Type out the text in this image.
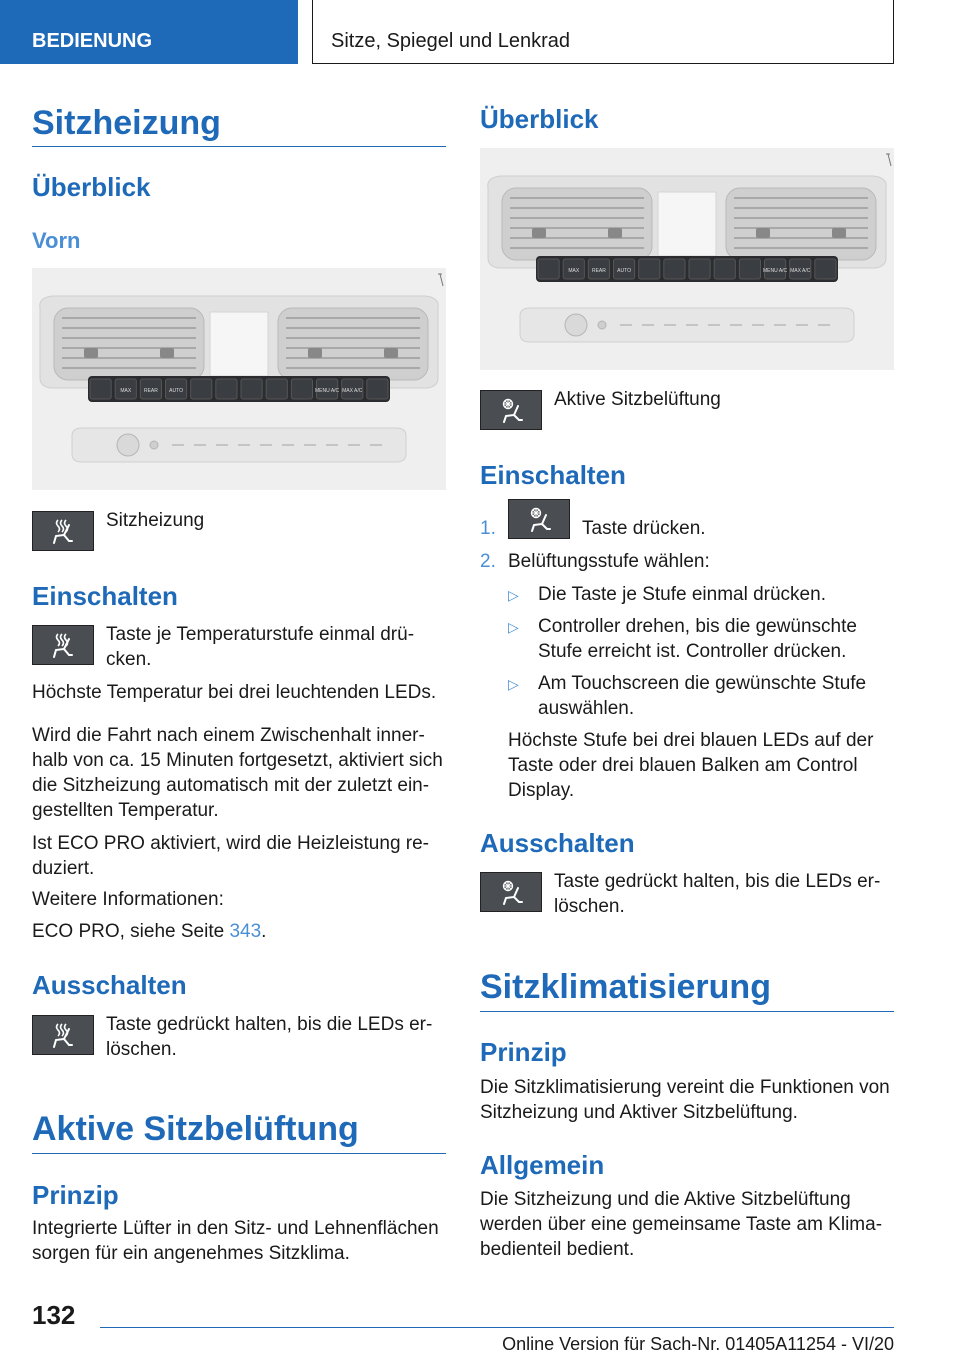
BEDIENUNG	Sitze, Spiegel und Lenkrad
Sitzheizung
Überblick
Vorn
MAX	REAR AUTO	MENU A/C MAX A/C
Sitzheizung
Einschalten
Taste je Temperaturstufe einmal drü-
cken.
Höchste Temperatur bei drei leuchtenden LEDs.
Wird die Fahrt nach einem Zwischenhalt inner-
halb von ca. 15 Minuten fortgesetzt, aktiviert sich
die Sitzheizung automatisch mit der zuletzt ein-
gestellten Temperatur.
Ist ECO PRO aktiviert, wird die Heizleistung re-
duziert.
Weitere Informationen:
ECO PRO, siehe Seite 343.
Ausschalten
Taste gedrückt halten, bis die LEDs er-
löschen.
Aktive Sitzbelüftung
Prinzip
Integrierte Lüfter in den Sitz- und Lehnenflächen
sorgen für ein angenehmes Sitzklima.
Überblick
MAX	REAR AUTO	MENU A/C MAX A/C
Aktive Sitzbelüftung
Einschalten
1.	Taste drücken.
2. Belüftungsstufe wählen:
▷	Die Taste je Stufe einmal drücken.
▷	Controller drehen, bis die gewünschte
Stufe erreicht ist. Controller drücken.
▷	Am Touchscreen die gewünschte Stufe
auswählen.
Höchste Stufe bei drei blauen LEDs auf der
Taste oder drei blauen Balken am Control
Display.
Ausschalten
Taste gedrückt halten, bis die LEDs er-
löschen.
Sitzklimatisierung
Prinzip
Die Sitzklimatisierung vereint die Funktionen von
Sitzheizung und Aktiver Sitzbelüftung.
Allgemein
Die Sitzheizung und die Aktive Sitzbelüftung
werden über eine gemeinsame Taste am Klima-
bedienteil bedient.
132
Online Version für Sach-Nr. 01405A11254 - VI/20
